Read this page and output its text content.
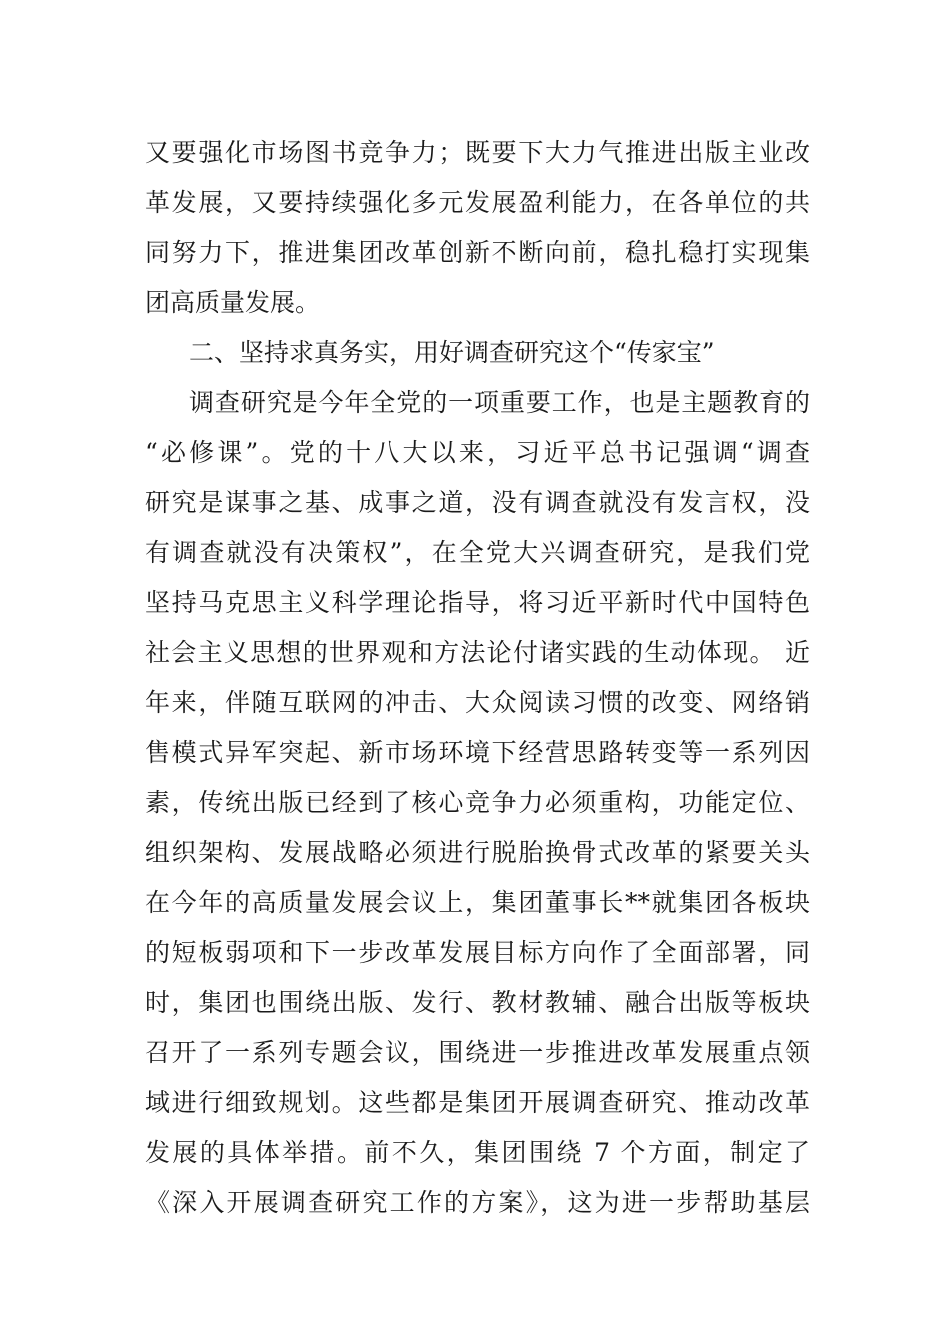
又要强化市场图书竞争力；既要下大力气推进出版主业改
革发展，又要持续强化多元发展盈利能力，在各单位的共
同努力下，推进集团改革创新不断向前，稳扎稳打实现集
团高质量发展。
二、坚持求真务实，用好调查研究这个“传家宝”
调查研究是今年全党的一项重要工作，也是主题教育的
“必修课”。党的十八大以来，习近平总书记强调“调查
研究是谋事之基、成事之道，没有调查就没有发言权，没
有调查就没有决策权”，在全党大兴调查研究，是我们党
坚持马克思主义科学理论指导，将习近平新时代中国特色
社会主义思想的世界观和方法论付诸实践的生动体现。 近
年来，伴随互联网的冲击、大众阅读习惯的改变、网络销
售模式异军突起、新市场环境下经营思路转变等一系列因
素，传统出版已经到了核心竞争力必须重构，功能定位、
组织架构、发展战略必须进行脱胎换骨式改革的紧要关头
在今年的高质量发展会议上，集团董事长**就集团各板块
的短板弱项和下一步改革发展目标方向作了全面部署，同
时，集团也围绕出版、发行、教材教辅、融合出版等板块
召开了一系列专题会议，围绕进一步推进改革发展重点领
域进行细致规划。这些都是集团开展调查研究、推动改革
发展的具体举措。前不久，集团围绕 7 个方面，制定了
《深入开展调查研究工作的方案》，这为进一步帮助基层
